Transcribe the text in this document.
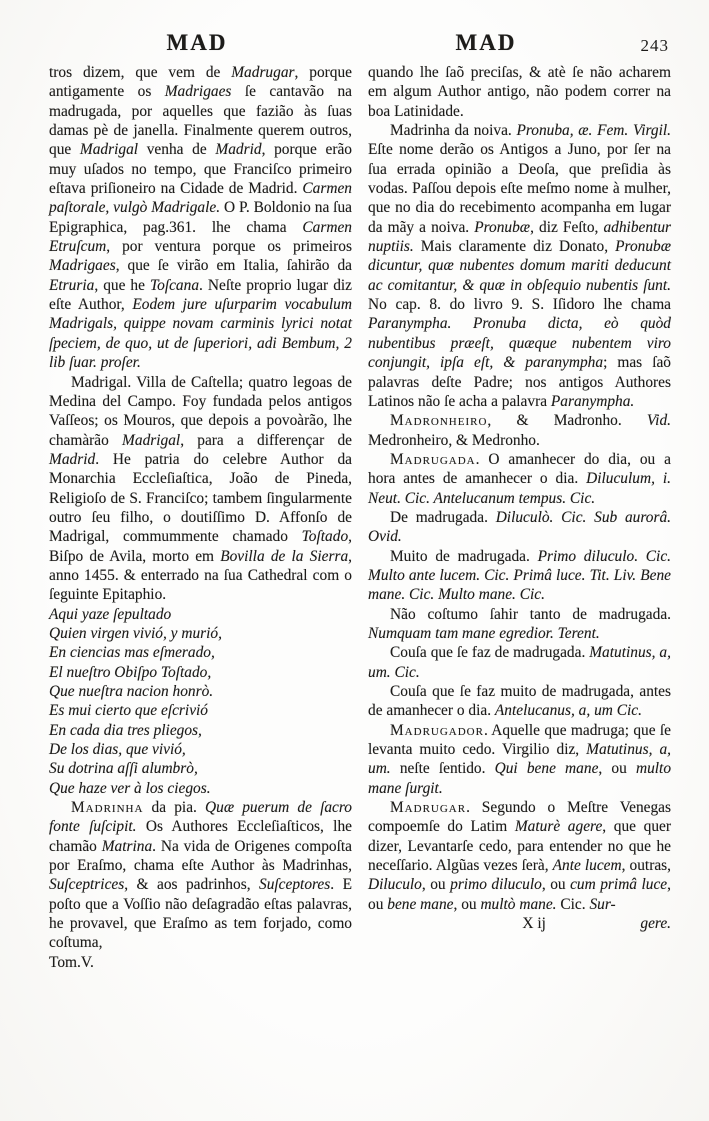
MAD	MAD	243

tros dizem, que vem de Madrugar, porque antigamente os Madrigaes ſe cantavão na madrugada, por aquelles que fazião às ſuas damas pè de janella. Finalmente querem outros, que Madrigal venha de Madrid, porque erão muy uſados no tempo, que Franciſco primeiro eſtava priſioneiro na Cidade de Madrid. Carmen paſtorale, vulgò Madrigale. O P. Boldonio na ſua Epigraphica, pag.361. lhe chama Carmen Etruſcum, por ventura porque os primeiros Madrigaes, que ſe virão em Italia, ſahirão da Etruria, que he Toſcana. Neſte proprio lugar diz eſte Author, Eodem jure uſurparim vocabulum Madrigals, quippe novam carminis lyrici notat ſpeciem, de quo, ut de ſuperiori, adi Bembum, 2 lib ſuar. proſer.

Madrigal. Villa de Caſtella; quatro legoas de Medina del Campo. Foy fundada pelos antigos Vaſſeos; os Mouros, que depois a povoàrão, lhe chamàrão Madrigal, para a differençar de Madrid. He patria do celebre Author da Monarchia Eccleſiaſtica, João de Pineda, Religioſo de S. Franciſco; tambem ſingularmente outro ſeu filho, o doutiſſimo D. Affonſo de Madrigal, commummente chamado Toſtado, Biſpo de Avila, morto em Bovilla de la Sierra, anno 1455. & enterrado na ſua Cathedral com o ſeguinte Epitaphio.

Aqui yaze ſepultado

Quien virgen vivió, y murió,

En ciencias mas eſmerado,

El nueſtro Obiſpo Toſtado,

Que nueſtra nacion honrò.

Es mui cierto que eſcrivió

En cada dia tres pliegos,

De los dias, que vivió,

Su dotrina aſſi alumbrò,

Que haze ver à los ciegos.

Madrinha da pia. Quæ puerum de ſacro fonte ſuſcipit. Os Authores Eccleſiaſticos, lhe chamão Matrina. Na vida de Origenes compoſta por Eraſmo, chama eſte Author às Madrinhas, Suſceptrices, & aos padrinhos, Suſceptores. E poſto que a Voſſio não deſagradão eſtas palavras, he provavel, que Eraſmo as tem forjado, como coſtuma,

Tom.V.

quando lhe ſaõ preciſas, & atè ſe não acharem em algum Author antigo, não podem correr na boa Latinidade.

Madrinha da noiva. Pronuba, æ. Fem. Virgil. Eſte nome derão os Antigos a Juno, por ſer na ſua errada opinião a Deoſa, que preſidia às vodas. Paſſou depois eſte meſmo nome à mulher, que no dia do recebimento acompanha em lugar da mãy a noiva. Pronubæ, diz Feſto, adhibentur nuptiis. Mais claramente diz Donato, Pronubæ dicuntur, quæ nubentes domum mariti deducunt ac comitantur, & quæ in obſequio nubentis ſunt. No cap. 8. do livro 9. S. Iſidoro lhe chama Paranympha. Pronuba dicta, eò quòd nubentibus præeſt, quæque nubentem viro conjungit, ipſa eſt, & paranympha; mas ſaõ palavras deſte Padre; nos antigos Authores Latinos não ſe acha a palavra Paranympha.

Madronheiro, & Madronho. Vid. Medronheiro, & Medronho.

Madrugada. O amanhecer do dia, ou a hora antes de amanhecer o dia. Diluculum, i. Neut. Cic. Antelucanum tempus. Cic.

De madrugada. Diluculò. Cic. Sub aurorâ. Ovid.

Muito de madrugada. Primo diluculo. Cic. Multo ante lucem. Cic. Primâ luce. Tit. Liv. Bene mane. Cic. Multo mane. Cic.

Não coſtumo ſahir tanto de madrugada. Numquam tam mane egredior. Terent.

Couſa que ſe faz de madrugada. Matutinus, a, um. Cic.

Couſa que ſe faz muito de madrugada, antes de amanhecer o dia. Antelucanus, a, um Cic.

Madrugador. Aquelle que madruga; que ſe levanta muito cedo. Virgilio diz, Matutinus, a, um. neſte ſentido. Qui bene mane, ou multo mane ſurgit.

Madrugar. Segundo o Meſtre Venegas compoemſe do Latim Maturè agere, que quer dizer, Levantarſe cedo, para entender no que he neceſſario. Algũas vezes ſerà, Ante lucem, outras, Diluculo, ou primo diluculo, ou cum primâ luce, ou bene mane, ou multò mane. Cic. Sur-

X ij	gere.
